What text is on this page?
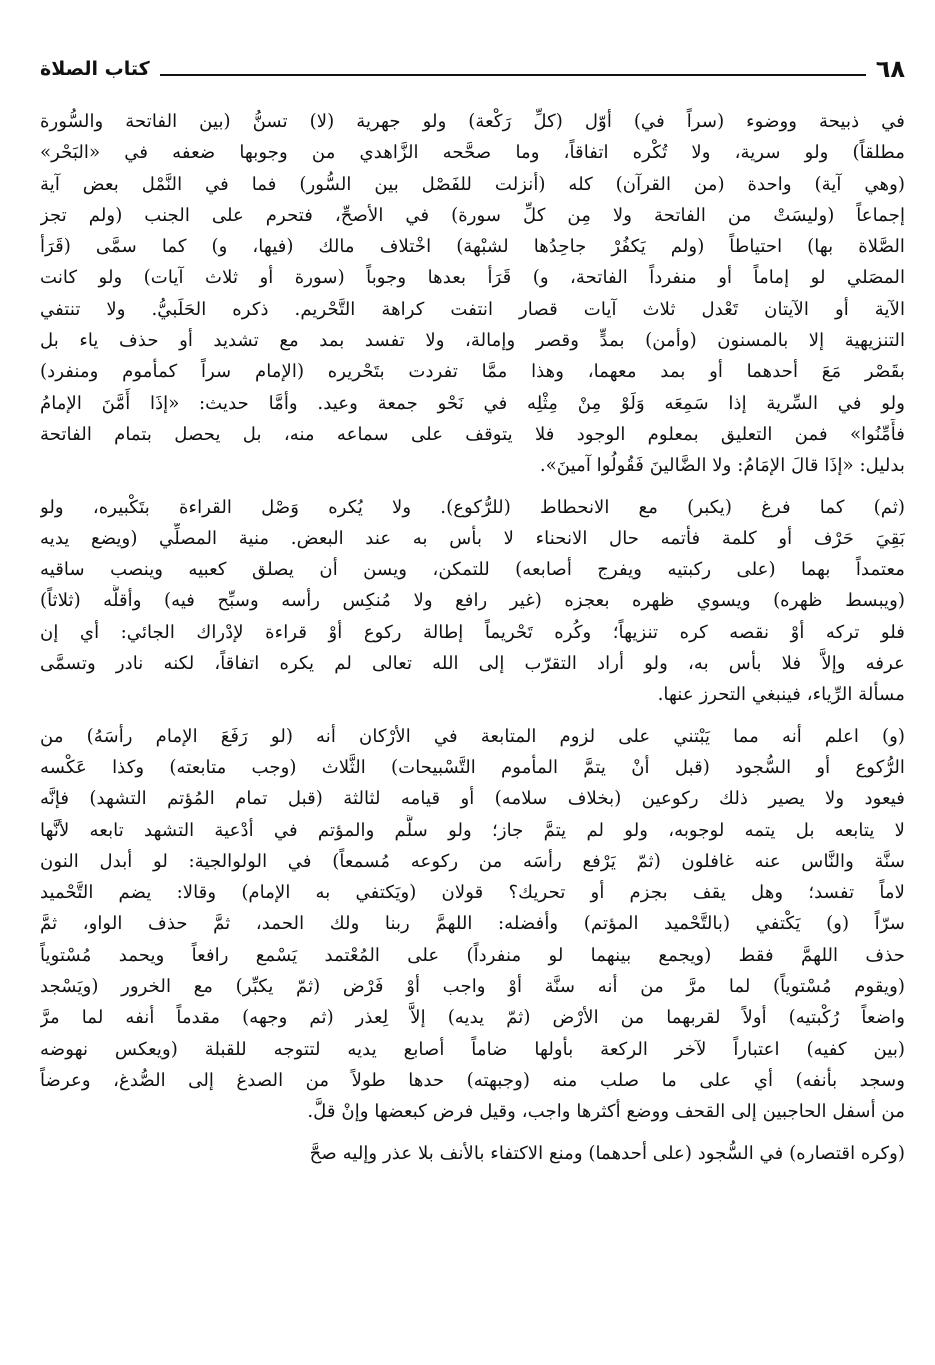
٦٨
كتاب الصلاة
في ذبيحة ووضوء (سراً في) أوّل (كلِّ رَكْعة) ولو جهرية (لا) تسنُّ (بين الفاتحة والسُّورة
مطلقاً) ولو سرية، ولا تُكْره اتفاقاً، وما صحَّحه الزَّاهدي من وجوبها ضعفه في «البَحْر»
(وهي آية) واحدة (من القرآن) كله (أنزلت للفَصْل بين السُّور) فما في النَّمْل بعض آية
إجماعاً (وليسَتْ من الفاتحة ولا مِن كلِّ سورة) في الأصحِّ، فتحرم على الجنب (ولم تجز
الصَّلاة بها) احتياطاً (ولم يَكفُرْ جاحِدُها لشبْهة) اخْتلاف مالك (فيها، و) كما سمَّى (قَرَأ
المصَلي لو إماماً أو منفرداً الفاتحة، و) قَرَأ بعدها وجوباً (سورة أو ثلاث آيات) ولو كانت
الآية أو الآيتان تَعْدل ثلاث آيات قصار انتفت كراهة التَّحْريم. ذكره الحَلَبيُّ. ولا تنتفي
التنزيهية إلا بالمسنون (وأمن) بمدٍّ وقصر وإمالة، ولا تفسد بمد مع تشديد أو حذف ياء بل
بقَصْر مَعَ أحدهما أو بمد معهما، وهذا ممَّا تفردت بتَحْريره (الإمام سراً كمأموم ومنفرد)
ولو في السِّرية إذا سَمِعَه وَلَوْ مِنْ مِثْلِه في نَحْو جمعة وعيد. وأمَّا حديث: «إذَا أَمَّنَ الإمامُ
فأَمِّنُوا» فمن التعليق بمعلوم الوجود فلا يتوقف على سماعه منه، بل يحصل بتمام الفاتحة
بدليل: «إذَا قالَ الإمَامُ: ولا الضَّالينَ فَقُولُوا آمينَ».
(ثم) كما فرغ (يكبر) مع الانحطاط (للرُّكوع). ولا يُكره وَصْل القراءة بتَكْبيره، ولو
بَقِيَ حَرْف أو كلمة فأتمه حال الانحناء لا بأس به عند البعض. منية المصلِّي (ويضع يديه
معتمداً بهما (على ركبتيه ويفرج أصابعه) للتمكن، ويسن أن يصلق كعبيه وينصب ساقيه
(ويبسط ظهره) ويسوي ظهره بعجزه (غير رافع ولا مُنكِس رأسه وسبِّح فيه) وأقلُّه (ثلاثاً)
فلو تركه أوْ نقصه كره تنزيهاً؛ وكُره تَحْريماً إطالة ركوع أوْ قراءة لإدْراك الجائي: أي إن
عرفه وإلاَّ فلا بأس به، ولو أراد التقرّب إلى الله تعالى لم يكره اتفاقاً، لكنه نادر وتسمَّى
مسألة الرِّياء، فينبغي التحرز عنها.
(و) اعلم أنه مما يَبْتني على لزوم المتابعة في الأرْكان أنه (لو رَفَعَ الإمام رأسَهُ) من
الرُّكوع أو السُّجود (قبل أنْ يتمَّ المأموم التَّسْبيحات) الثَّلاث (وجب متابعته) وكذا عَكْسه
فيعود ولا يصير ذلك ركوعين (بخلاف سلامه) أو قيامه لثالثة (قبل تمام المُؤتم التشهد) فإنَّه
لا يتابعه بل يتمه لوجوبه، ولو لم يتمَّ جاز؛ ولو سلَّم والمؤتم في أدْعية التشهد تابعه لأنَّها
سنَّة والنَّاس عنه غافلون (ثمّ يَرْفع رأسَه من ركوعه مُسمعاً) في الولوالجية: لو أبدل النون
لاماً تفسد؛ وهل يقف بجزم أو تحريك؟ قولان (ويَكتفي به الإمام) وقالا: يضم التَّحْميد
سرّاً (و) يَكْتفي (بالتَّحْميد المؤتم) وأفضله: اللهمَّ ربنا ولك الحمد، ثمَّ حذف الواو، ثمَّ
حذف اللهمَّ فقط (ويجمع بينهما لو منفرداً) على المُعْتمد يَسْمع رافعاً ويحمد مُسْتوياً
(ويقوم مُسْتوياً) لما مرَّ من أنه سنَّة أوْ واجب أوْ فَرْض (ثمّ يكبِّر) مع الخرور (ويَسْجد
واضعاً رُكْبتيه) أولاً لقربهما من الأرْض (ثمّ يديه) إلاَّ لِعذر (ثم وجهه) مقدماً أنفه لما مرَّ
(بين كفيه) اعتباراً لآخر الركعة بأولها ضاماً أصابع يديه لتتوجه للقبلة (ويعكس نهوضه
وسجد بأنفه) أي على ما صلب منه (وجبهته) حدها طولاً من الصدغ إلى الصُّدغ، وعرضاً
من أسفل الحاجبين إلى القحف ووضع أكثرها واجب، وقيل فرض كبعضها وإنْ قلَّ.
(وكره اقتصاره) في السُّجود (على أحدهما) ومنع الاكتفاء بالأنف بلا عذر وإليه صحَّ
